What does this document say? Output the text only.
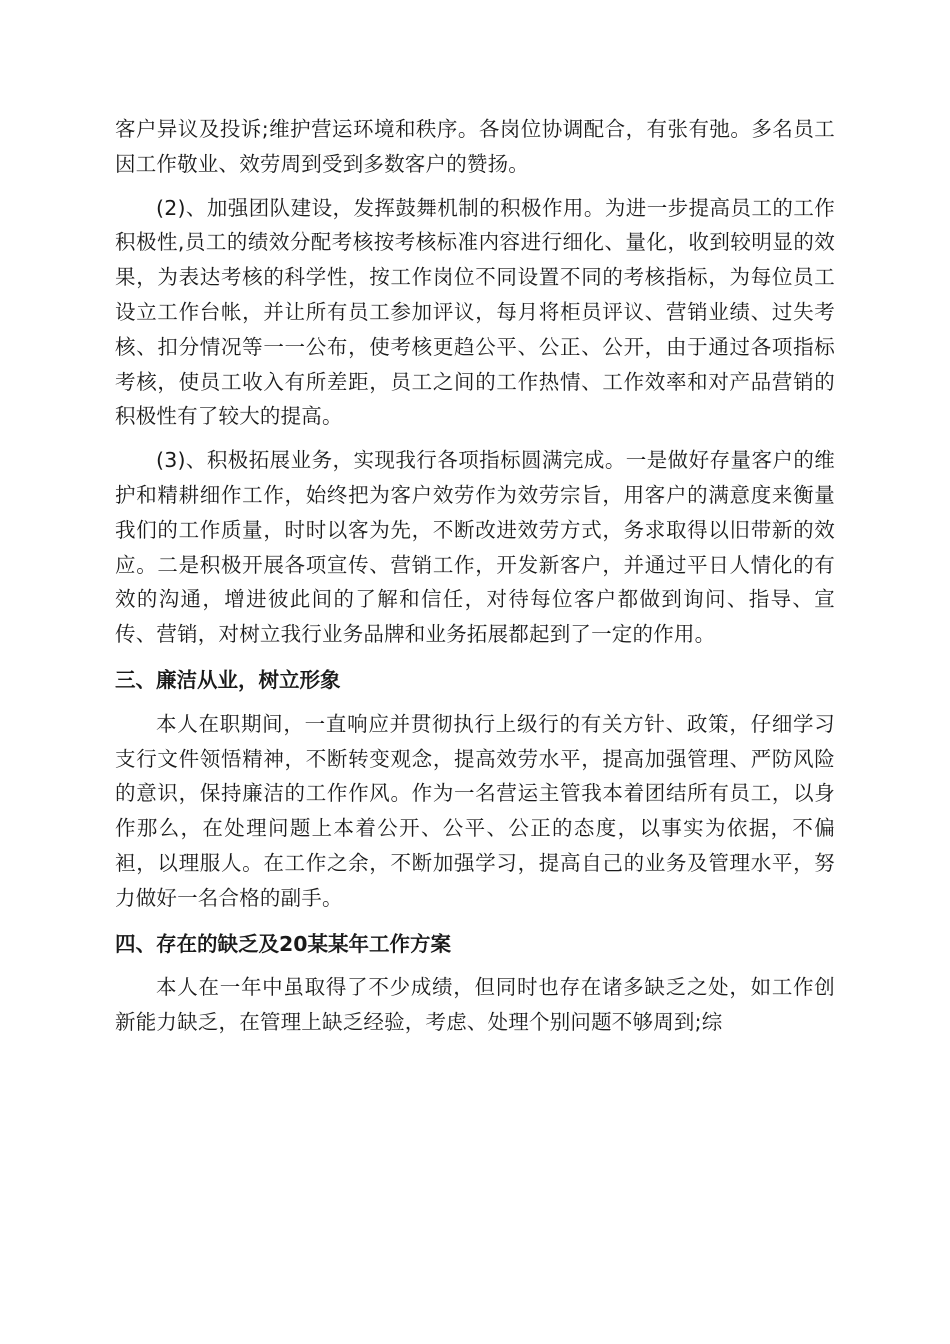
客户异议及投诉;维护营运环境和秩序。各岗位协调配合，有张有弛。多名员工因工作敬业、效劳周到受到多数客户的赞扬。

(2)、加强团队建设，发挥鼓舞机制的积极作用。为进一步提高员工的工作积极性,员工的绩效分配考核按考核标准内容进行细化、量化，收到较明显的效果，为表达考核的科学性，按工作岗位不同设置不同的考核指标，为每位员工设立工作台帐，并让所有员工参加评议，每月将柜员评议、营销业绩、过失考核、扣分情况等一一公布，使考核更趋公平、公正、公开，由于通过各项指标考核，使员工收入有所差距，员工之间的工作热情、工作效率和对产品营销的积极性有了较大的提高。

(3)、积极拓展业务，实现我行各项指标圆满完成。一是做好存量客户的维护和精耕细作工作，始终把为客户效劳作为效劳宗旨，用客户的满意度来衡量我们的工作质量，时时以客为先，不断改进效劳方式，务求取得以旧带新的效应。二是积极开展各项宣传、营销工作，开发新客户，并通过平日人情化的有效的沟通，增进彼此间的了解和信任，对待每位客户都做到询问、指导、宣传、营销，对树立我行业务品牌和业务拓展都起到了一定的作用。

三、廉洁从业，树立形象

本人在职期间，一直响应并贯彻执行上级行的有关方针、政策，仔细学习支行文件领悟精神，不断转变观念，提高效劳水平，提高加强管理、严防风险的意识，保持廉洁的工作作风。作为一名营运主管我本着团结所有员工，以身作那么，在处理问题上本着公开、公平、公正的态度，以事实为依据，不偏袒，以理服人。在工作之余，不断加强学习，提高自己的业务及管理水平，努力做好一名合格的副手。

四、存在的缺乏及20某某年工作方案

本人在一年中虽取得了不少成绩，但同时也存在诸多缺乏之处，如工作创新能力缺乏，在管理上缺乏经验，考虑、处理个别问题不够周到;综
